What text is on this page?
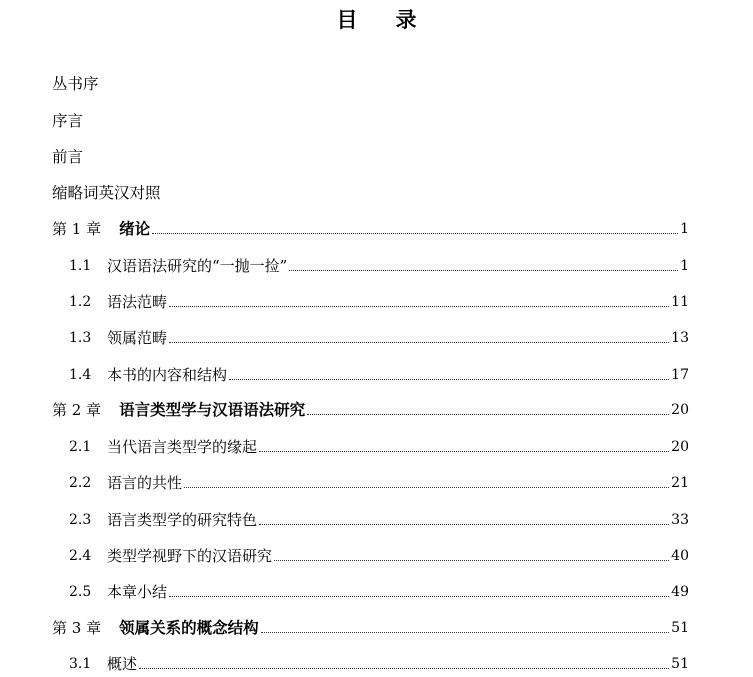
目录
丛书序
序言
前言
缩略词英汉对照
第 1 章 绪论	1
1.1	汉语语法研究的“一抛一捡”	1
1.2	语法范畴	11
1.3	领属范畴	13
1.4	本书的内容和结构	17
第 2 章 语言类型学与汉语语法研究	20
2.1	当代语言类型学的缘起	20
2.2	语言的共性	21
2.3	语言类型学的研究特色	33
2.4	类型学视野下的汉语研究	40
2.5	本章小结	49
第 3 章 领属关系的概念结构	51
3.1	概述	51
